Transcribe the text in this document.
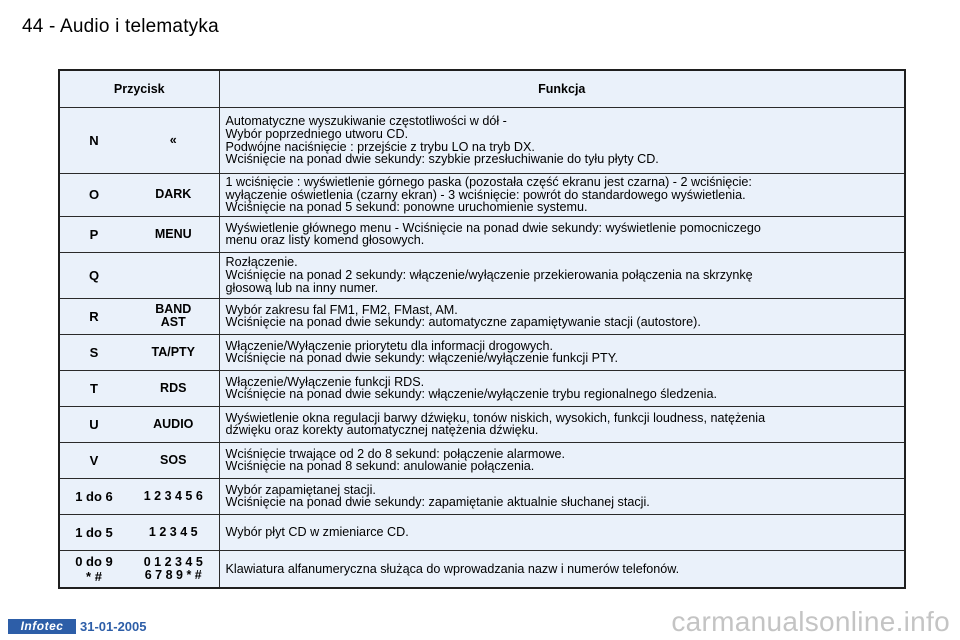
44 - Audio i telematyka
Przycisk		Funkcja

N	«	Automatyczne wyszukiwanie częstotliwości w dół -
Wybór poprzedniego utworu CD.
Podwójne naciśnięcie : przejście z trybu LO na tryb DX.
Wciśnięcie na ponad dwie sekundy: szybkie przesłuchiwanie do tyłu płyty CD.

O	DARK	1 wciśnięcie : wyświetlenie górnego paska (pozostała część ekranu jest czarna) - 2 wciśnięcie:
wyłączenie oświetlenia (czarny ekran) - 3 wciśnięcie: powrót do standardowego wyświetlenia.
Wciśnięcie na ponad 5 sekund: ponowne uruchomienie systemu.

P	MENU	Wyświetlenie głównego menu - Wciśnięcie na ponad dwie sekundy: wyświetlenie pomocniczego
menu oraz listy komend głosowych.

Q		Rozłączenie.
Wciśnięcie na ponad 2 sekundy: włączenie/wyłączenie przekierowania połączenia na skrzynkę
głosową lub na inny numer.

R	BAND
AST	Wybór zakresu fal FM1, FM2, FMast, AM.
Wciśnięcie na ponad dwie sekundy: automatyczne zapamiętywanie stacji (autostore).

S	TA/PTY	Włączenie/Wyłączenie priorytetu dla informacji drogowych.
Wciśnięcie na ponad dwie sekundy: włączenie/wyłączenie funkcji PTY.

T	RDS	Włączenie/Wyłączenie funkcji RDS.
Wciśnięcie na ponad dwie sekundy: włączenie/wyłączenie trybu regionalnego śledzenia.

U	AUDIO	Wyświetlenie okna regulacji barwy dźwięku, tonów niskich, wysokich, funkcji loudness, natężenia
dźwięku oraz korekty automatycznej natężenia dźwięku.

V	SOS	Wciśnięcie trwające od 2 do 8 sekund: połączenie alarmowe.
Wciśnięcie na ponad 8 sekund: anulowanie połączenia.

1 do 6	1 2 3 4 5 6	Wybór zapamiętanej stacji.
Wciśnięcie na ponad dwie sekundy: zapamiętanie aktualnie słuchanej stacji.

1 do 5	1 2 3 4 5	Wybór płyt CD w zmieniarce CD.

0 do 9
* #	0 1 2 3 4 5
6 7 8 9 * #	Klawiatura alfanumeryczna służąca do wprowadzania nazw i numerów telefonów.
Infotec	31-01-2005	carmanualsonline.info
